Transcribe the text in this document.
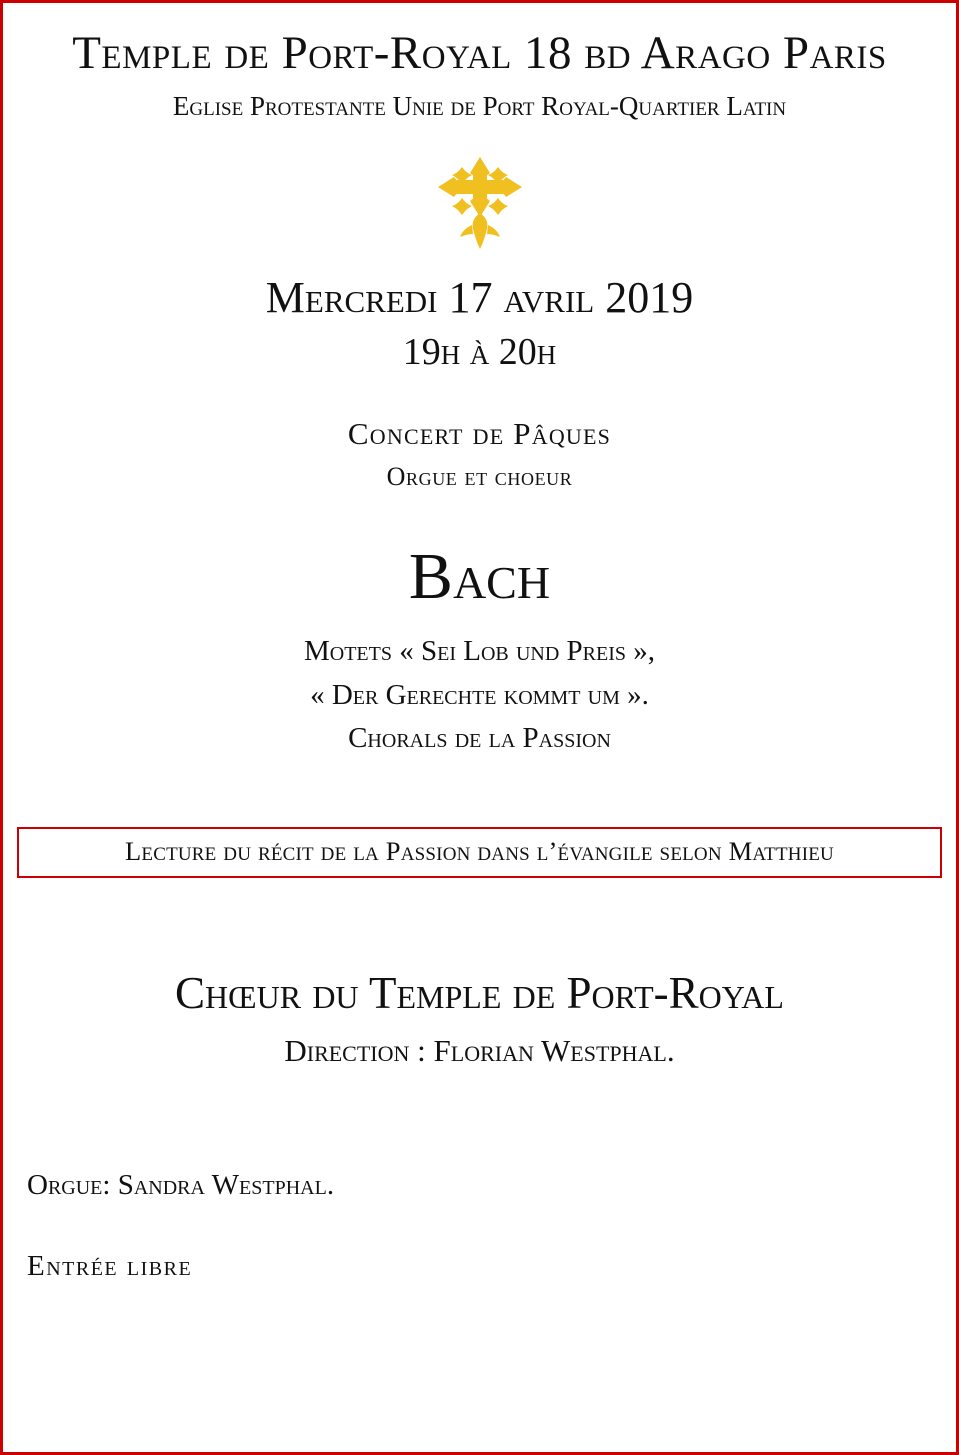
Temple de Port-Royal 18 bd Arago Paris
Eglise Protestante Unie de Port Royal-Quartier Latin
Mercredi 17 avril 2019
19h à 20h
Concert de Pâques
Orgue et choeur
Bach
Motets « Sei Lob und Preis »,
« Der Gerechte kommt um ».
Chorals de la Passion
Lecture du récit de la Passion dans l’évangile selon Matthieu
Chœur du Temple de Port-Royal
Direction : Florian Westphal.
Orgue: Sandra Westphal.
Entrée libre
